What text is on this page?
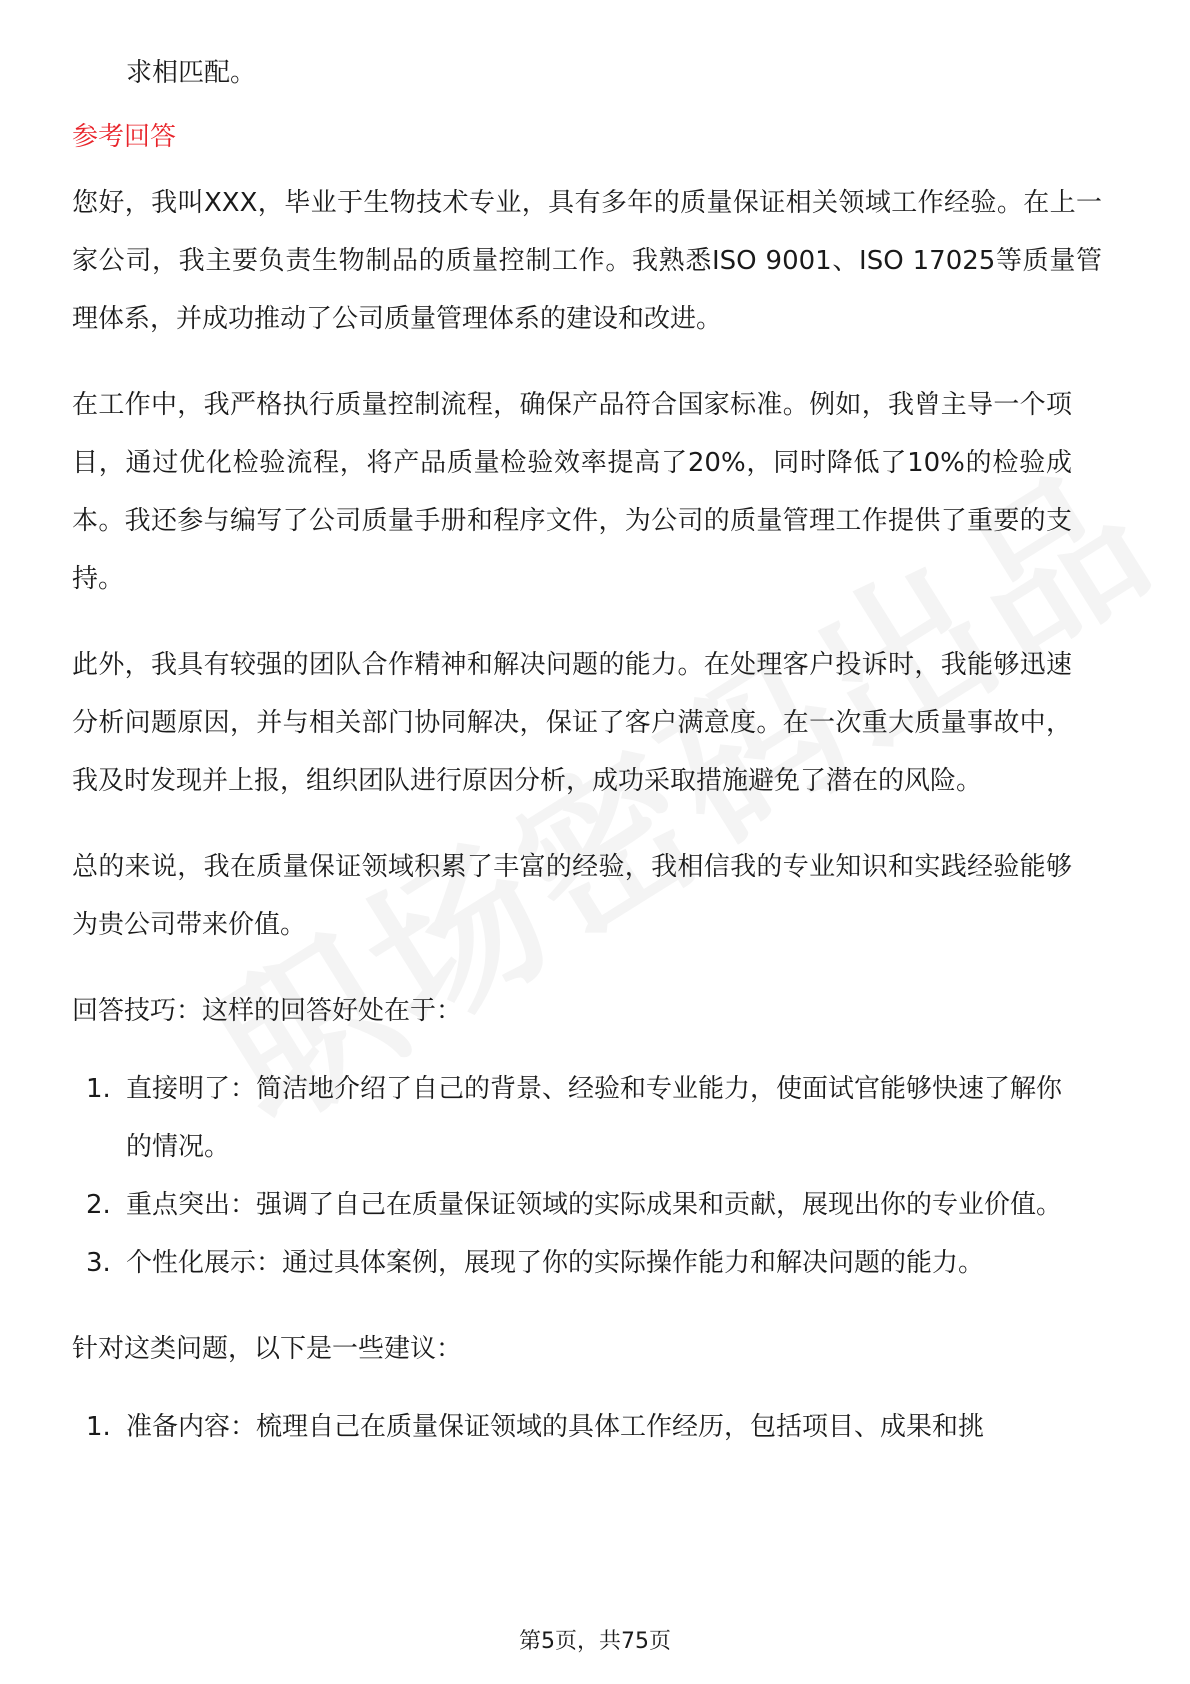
求相匹配。

参考回答

您好，我叫XXX，毕业于生物技术专业，具有多年的质量保证相关领域工作经验。在上一家公司，我主要负责生物制品的质量控制工作。我熟悉ISO 9001、ISO 17025等质量管理体系，并成功推动了公司质量管理体系的建设和改进。

在工作中，我严格执行质量控制流程，确保产品符合国家标准。例如，我曾主导一个项目，通过优化检验流程，将产品质量检验效率提高了20%，同时降低了10%的检验成本。我还参与编写了公司质量手册和程序文件，为公司的质量管理工作提供了重要的支持。

此外，我具有较强的团队合作精神和解决问题的能力。在处理客户投诉时，我能够迅速分析问题原因，并与相关部门协同解决，保证了客户满意度。在一次重大质量事故中，我及时发现并上报，组织团队进行原因分析，成功采取措施避免了潜在的风险。

总的来说，我在质量保证领域积累了丰富的经验，我相信我的专业知识和实践经验能够为贵公司带来价值。

回答技巧：这样的回答好处在于：

1. 直接明了：简洁地介绍了自己的背景、经验和专业能力，使面试官能够快速了解你的情况。
2. 重点突出：强调了自己在质量保证领域的实际成果和贡献，展现出你的专业价值。
3. 个性化展示：通过具体案例，展现了你的实际操作能力和解决问题的能力。

针对这类问题，以下是一些建议：

1. 准备内容：梳理自己在质量保证领域的具体工作经历，包括项目、成果和挑
第5页，共75页
